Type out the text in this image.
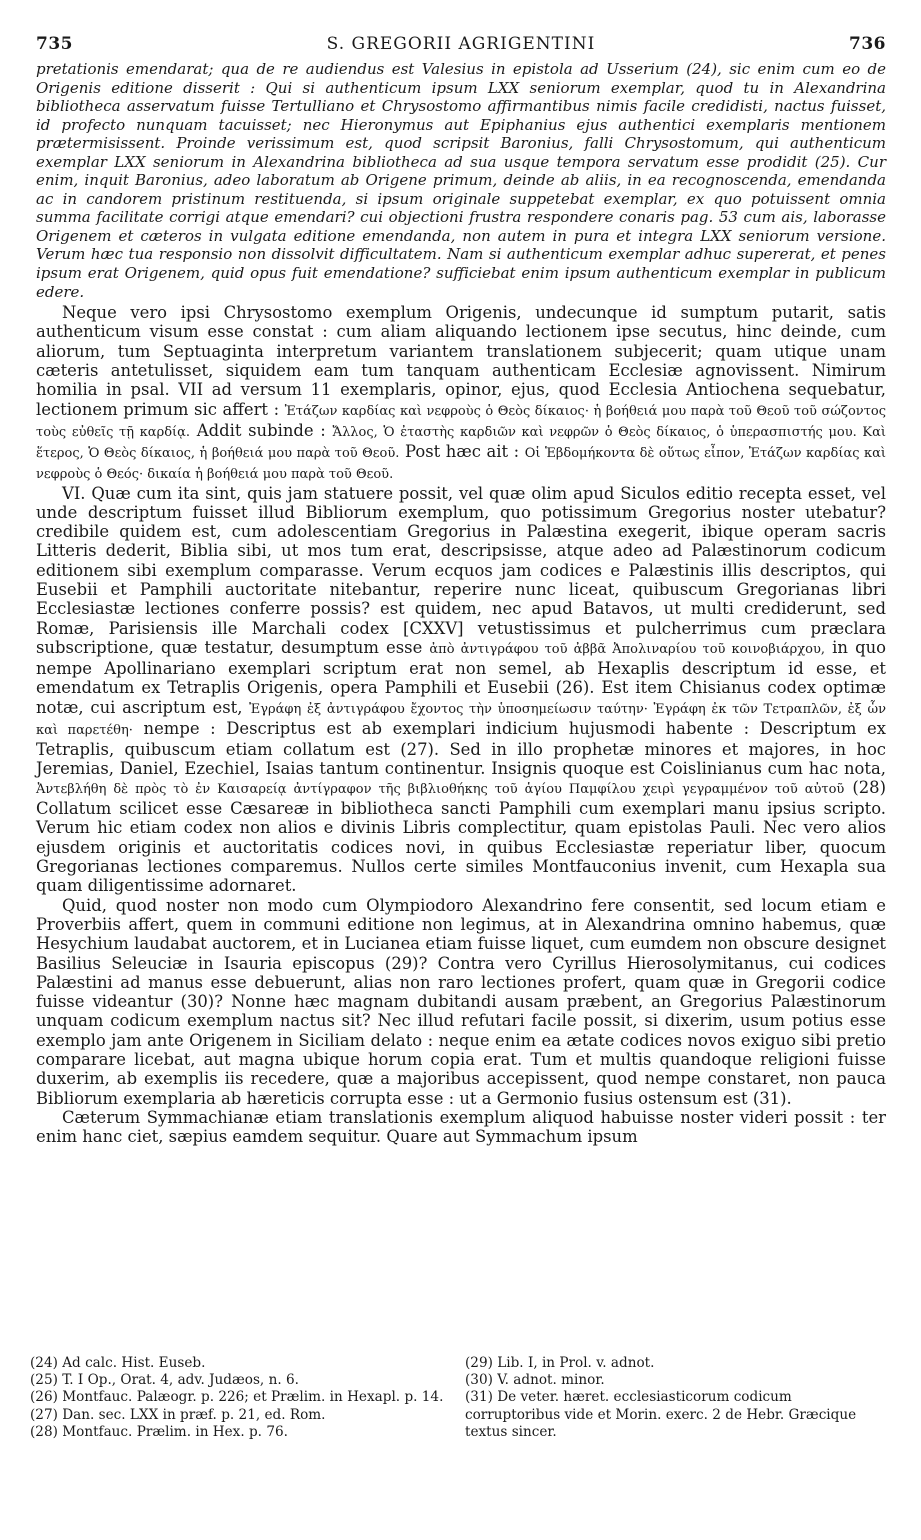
735	S. GREGORII AGRIGENTINI	736

pretationis emendarat; qua de re audiendus est Valesius in epistola ad Usserium (24), sic enim cum eo de Origenis editione disserit : Qui si authenticum ipsum LXX seniorum exemplar, quod tu in Alexandrina bibliotheca asservatum fuisse Tertulliano et Chrysostomo affirmantibus nimis facile credidisti, nactus fuisset, id profecto nunquam tacuisset; nec Hieronymus aut Epiphanius ejus authentici exemplaris mentionem prætermisissent. Proinde verissimum est, quod scripsit Baronius, falli Chrysostomum, qui authenticum exemplar LXX seniorum in Alexandrina bibliotheca ad sua usque tempora servatum esse prodidit (25). Cur enim, inquit Baronius, adeo laboratum ab Origene primum, deinde ab aliis, in ea recognoscenda, emendanda ac in candorem pristinum restituenda, si ipsum originale suppetebat exemplar, ex quo potuissent omnia summa facilitate corrigi atque emendari? cui objectioni frustra respondere conaris pag. 53 cum ais, laborasse Origenem et cæteros in vulgata editione emendanda, non autem in pura et integra LXX seniorum versione. Verum hæc tua responsio non dissolvit difficultatem. Nam si authenticum exemplar adhuc supererat, et penes ipsum erat Origenem, quid opus fuit emendatione? sufficiebat enim ipsum authenticum exemplar in publicum edere.

Neque vero ipsi Chrysostomo exemplum Origenis, undecunque id sumptum putarit, satis authenticum visum esse constat : cum aliam aliquando lectionem ipse secutus, hinc deinde, cum aliorum, tum Septuaginta interpretum variantem translationem subjecerit; quam utique unam cæteris antetulisset, siquidem eam tum tanquam authenticam Ecclesiæ agnovissent. Nimirum homilia in psal. VII ad versum 11 exemplaris, opinor, ejus, quod Ecclesia Antiochena sequebatur, lectionem primum sic affert : Ἐτάζων καρδίας καὶ νεφροὺς ὁ Θεὸς δίκαιος· ἡ βοήθειά μου παρὰ τοῦ Θεοῦ τοῦ σώζοντος τοὺς εὐθεῖς τῇ καρδίᾳ. Addit subinde : Ἄλλος, Ὁ ἐταστὴς καρδιῶν καὶ νεφρῶν ὁ Θεὸς δίκαιος, ὁ ὑπερασπιστής μου. Καὶ ἕτερος, Ὁ Θεὸς δίκαιος, ἡ βοήθειά μου παρὰ τοῦ Θεοῦ. Post hæc ait : Οἱ Ἑβδομήκοντα δὲ οὕτως εἶπον, Ἐτάζων καρδίας καὶ νεφροὺς ὁ Θεός· δικαία ἡ βοήθειά μου παρὰ τοῦ Θεοῦ.

VI. Quæ cum ita sint, quis jam statuere possit, vel quæ olim apud Siculos editio recepta esset, vel unde descriptum fuisset illud Bibliorum exemplum, quo potissimum Gregorius noster utebatur? credibile quidem est, cum adolescentiam Gregorius in Palæstina exegerit, ibique operam sacris Litteris dederit, Biblia sibi, ut mos tum erat, descripsisse, atque adeo ad Palæstinorum codicum editionem sibi exemplum comparasse. Verum ecquos jam codices e Palæstinis illis descriptos, qui Eusebii et Pamphili auctoritate nitebantur, reperire nunc liceat, quibuscum Gregorianas libri Ecclesiastæ lectiones conferre possis? est quidem, nec apud Batavos, ut multi crediderunt, sed Romæ, Parisiensis ille Marchali codex [CXXV] vetustissimus et pulcherrimus cum præclara subscriptione, quæ testatur, desumptum esse ἀπὸ ἀντιγράφου τοῦ ἀββᾶ Ἀπολιναρίου τοῦ κοινοβιάρχου, in quo nempe Apollinariano exemplari scriptum erat non semel, ab Hexaplis descriptum id esse, et emendatum ex Tetraplis Origenis, opera Pamphili et Eusebii (26). Est item Chisianus codex optimæ notæ, cui ascriptum est, Ἐγράφη ἐξ ἀντιγράφου ἔχοντος τὴν ὑποσημείωσιν ταύτην· Ἐγράφη ἐκ τῶν Τετραπλῶν, ἐξ ὧν καὶ παρετέθη· nempe : Descriptus est ab exemplari indicium hujusmodi habente : Descriptum ex Tetraplis, quibuscum etiam collatum est (27). Sed in illo prophetæ minores et majores, in hoc Jeremias, Daniel, Ezechiel, Isaias tantum continentur. Insignis quoque est Coislinianus cum hac nota, Ἀντεβλήθη δὲ πρὸς τὸ ἐν Καισαρείᾳ ἀντίγραφον τῆς βιβλιοθήκης τοῦ ἁγίου Παμφίλου χειρὶ γεγραμμένον τοῦ αὐτοῦ (28) Collatum scilicet esse Cæsareæ in bibliotheca sancti Pamphili cum exemplari manu ipsius scripto. Verum hic etiam codex non alios e divinis Libris complectitur, quam epistolas Pauli. Nec vero alios ejusdem originis et auctoritatis codices novi, in quibus Ecclesiastæ reperiatur liber, quocum Gregorianas lectiones comparemus. Nullos certe similes Montfauconius invenit, cum Hexapla sua quam diligentissime adornaret.

Quid, quod noster non modo cum Olympiodoro Alexandrino fere consentit, sed locum etiam e Proverbiis affert, quem in communi editione non legimus, at in Alexandrina omnino habemus, quæ Hesychium laudabat auctorem, et in Lucianea etiam fuisse liquet, cum eumdem non obscure designet Basilius Seleuciæ in Isauria episcopus (29)? Contra vero Cyrillus Hierosolymitanus, cui codices Palæstini ad manus esse debuerunt, alias non raro lectiones profert, quam quæ in Gregorii codice fuisse videantur (30)? Nonne hæc magnam dubitandi ausam præbent, an Gregorius Palæstinorum unquam codicum exemplum nactus sit? Nec illud refutari facile possit, si dixerim, usum potius esse exemplo jam ante Origenem in Siciliam delato : neque enim ea ætate codices novos exiguo sibi pretio comparare licebat, aut magna ubique horum copia erat. Tum et multis quandoque religioni fuisse duxerim, ab exemplis iis recedere, quæ a majoribus accepissent, quod nempe constaret, non pauca Bibliorum exemplaria ab hæreticis corrupta esse : ut a Germonio fusius ostensum est (31).

Cæterum Symmachianæ etiam translationis exemplum aliquod habuisse noster videri possit : ter enim hanc ciet, sæpius eamdem sequitur. Quare aut Symmachum ipsum

(24) Ad calc. Hist. Euseb.

(25) T. I Op., Orat. 4, adv. Judæos, n. 6.

(26) Montfauc. Palæogr. p. 226; et Prælim. in Hexapl. p. 14.

(27) Dan. sec. LXX in præf. p. 21, ed. Rom.

(28) Montfauc. Prælim. in Hex. p. 76.

(29) Lib. I, in Prol. v. adnot.

(30) V. adnot. minor.

(31) De veter. hæret. ecclesiasticorum codicum corruptoribus vide et Morin. exerc. 2 de Hebr. Græcique textus sincer.
